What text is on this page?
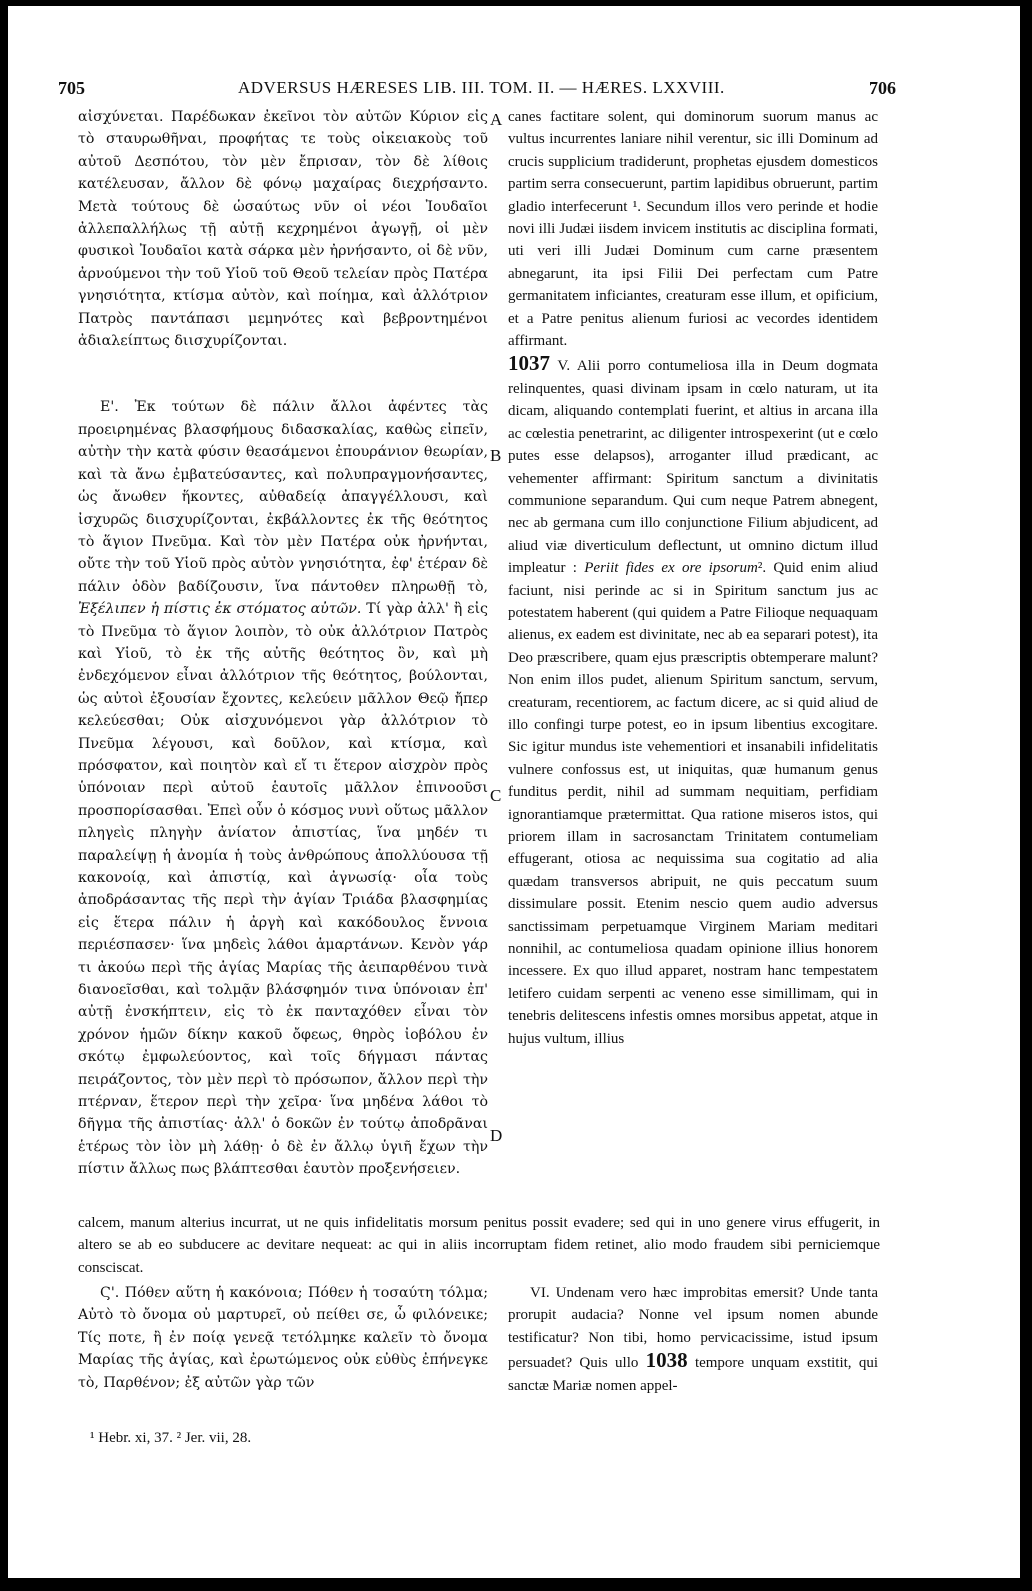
705	ADVERSUS HÆRESES LIB. III. TOM. II. — HÆRES. LXXVIII.	706

αἰσχύνεται. Παρέδωκαν ἐκεῖνοι τὸν αὐτῶν Κύριον εἰς τὸ σταυρωθῆναι, προφήτας τε τοὺς οἰκειακοὺς τοῦ αὐτοῦ Δεσπότου, τὸν μὲν ἔπρισαν, τὸν δὲ λίθοις κατέλευσαν, ἄλλον δὲ φόνῳ μαχαίρας διεχρήσαντο. Μετὰ τούτους δὲ ὡσαύτως νῦν οἱ νέοι Ἰουδαῖοι ἀλλεπαλλήλως τῇ αὐτῇ κεχρημένοι ἀγωγῇ, οἱ μὲν φυσικοὶ Ἰουδαῖοι κατὰ σάρκα μὲν ἠρνήσαντο, οἱ δὲ νῦν, ἀρνούμενοι τὴν τοῦ Υἱοῦ τοῦ Θεοῦ τελείαν πρὸς Πατέρα γνησιότητα, κτίσμα αὐτὸν, καὶ ποίημα, καὶ ἀλλότριον Πατρὸς παντάπασι μεμηνότες καὶ βεβροντημένοι ἀδιαλείπτως διισχυρίζονται.

Ε'. Ἐκ τούτων δὲ πάλιν ἄλλοι ἀφέντες τὰς προειρημένας βλασφήμους διδασκαλίας, καθὼς εἰπεῖν, αὐτὴν τὴν κατὰ φύσιν θεασάμενοι ἐπουράνιον θεωρίαν, καὶ τὰ ἄνω ἐμβατεύσαντες, καὶ πολυπραγμονήσαντες, ὡς ἄνωθεν ἥκοντες, αὐθαδείᾳ ἀπαγγέλλουσι, καὶ ἰσχυρῶς διισχυρίζονται, ἐκβάλλοντες ἐκ τῆς θεότητος τὸ ἅγιον Πνεῦμα. Καὶ τὸν μὲν Πατέρα οὐκ ἠρνήνται, οὔτε τὴν τοῦ Υἱοῦ πρὸς αὐτὸν γνησιότητα, ἐφ' ἑτέραν δὲ πάλιν ὁδὸν βαδίζουσιν, ἵνα πάντοθεν πληρωθῇ τὸ, Ἐξέλιπεν ἡ πίστις ἐκ στόματος αὐτῶν. Τί γὰρ ἀλλ' ἢ εἰς τὸ Πνεῦμα τὸ ἅγιον λοιπὸν, τὸ οὐκ ἀλλότριον Πατρὸς καὶ Υἱοῦ, τὸ ἐκ τῆς αὐτῆς θεότητος ὂν, καὶ μὴ ἐνδεχόμενον εἶναι ἀλλότριον τῆς θεότητος, βούλονται, ὡς αὐτοὶ ἐξουσίαν ἔχοντες, κελεύειν μᾶλλον Θεῷ ἤπερ κελεύεσθαι; Οὐκ αἰσχυνόμενοι γὰρ ἀλλότριον τὸ Πνεῦμα λέγουσι, καὶ δοῦλον, καὶ κτίσμα, καὶ πρόσφατον, καὶ ποιητὸν καὶ εἴ τι ἕτερον αἰσχρὸν πρὸς ὑπόνοιαν περὶ αὐτοῦ ἑαυτοῖς μᾶλλον ἐπινοοῦσι προσπορίσασθαι. Ἐπεὶ οὖν ὁ κόσμος νυνὶ οὕτως μᾶλλον πληγεὶς πληγὴν ἀνίατον ἀπιστίας, ἵνα μηδέν τι παραλείψῃ ἡ ἀνομία ἡ τοὺς ἀνθρώπους ἀπολλύουσα τῇ κακονοίᾳ, καὶ ἀπιστίᾳ, καὶ ἀγνωσίᾳ· οἷα τοὺς ἀποδράσαντας τῆς περὶ τὴν ἁγίαν Τριάδα βλασφημίας εἰς ἕτερα πάλιν ἡ ἀργὴ καὶ κακόδουλος ἔννοια περιέσπασεν· ἵνα μηδεὶς λάθοι ἁμαρτάνων. Κενὸν γάρ τι ἀκούω περὶ τῆς ἁγίας Μαρίας τῆς ἀειπαρθένου τινὰ διανοεῖσθαι, καὶ τολμᾷν βλάσφημόν τινα ὑπόνοιαν ἐπ' αὐτῇ ἐνσκήπτειν, εἰς τὸ ἐκ πανταχόθεν εἶναι τὸν χρόνον ἡμῶν δίκην κακοῦ ὄφεως, θηρὸς ἰοβόλου ἐν σκότῳ ἐμφωλεύοντος, καὶ τοῖς δήγμασι πάντας πειράζοντος, τὸν μὲν περὶ τὸ πρόσωπον, ἄλλον περὶ τὴν πτέρναν, ἕτερον περὶ τὴν χεῖρα· ἵνα μηδένα λάθοι τὸ δῆγμα τῆς ἀπιστίας· ἀλλ' ὁ δοκῶν ἐν τούτῳ ἀποδρᾶναι ἑτέρως τὸν ἰὸν μὴ λάθῃ· ὁ δὲ ἐν ἄλλῳ ὑγιῆ ἔχων τὴν πίστιν ἄλλως πως βλάπτεσθαι ἑαυτὸν προξενήσειεν.

canes factitare solent, qui dominorum suorum manus ac vultus incurrentes laniare nihil verentur, sic illi Dominum ad crucis supplicium tradiderunt, prophetas ejusdem domesticos partim serra consecuerunt, partim lapidibus obruerunt, partim gladio interfecerunt ¹. Secundum illos vero perinde et hodie novi illi Judæi iisdem invicem institutis ac disciplina formati, uti veri illi Judæi Dominum cum carne præsentem abnegarunt, ita ipsi Filii Dei perfectam cum Patre germanitatem inficiantes, creaturam esse illum, et opificium, et a Patre penitus alienum furiosi ac vecordes identidem affirmant.

1037 V. Alii porro contumeliosa illa in Deum dogmata relinquentes, quasi divinam ipsam in cœlo naturam, ut ita dicam, aliquando contemplati fuerint, et altius in arcana illa ac cœlestia penetrarint, ac diligenter introspexerint (ut e cœlo putes esse delapsos), arroganter illud prædicant, ac vehementer affirmant: Spiritum sanctum a divinitatis communione separandum. Qui cum neque Patrem abnegent, nec ab germana cum illo conjunctione Filium abjudicent, ad aliud viæ diverticulum deflectunt, ut omnino dictum illud impleatur : Periit fides ex ore ipsorum². Quid enim aliud faciunt, nisi perinde ac si in Spiritum sanctum jus ac potestatem haberent (qui quidem a Patre Filioque nequaquam alienus, ex eadem est divinitate, nec ab ea separari potest), ita Deo præscribere, quam ejus præscriptis obtemperare malunt? Non enim illos pudet, alienum Spiritum sanctum, servum, creaturam, recentiorem, ac factum dicere, ac si quid aliud de illo confingi turpe potest, eo in ipsum libentius excogitare. Sic igitur mundus iste vehementiori et insanabili infidelitatis vulnere confossus est, ut iniquitas, quæ humanum genus funditus perdit, nihil ad summam nequitiam, perfidiam ignorantiamque prætermittat. Qua ratione miseros istos, qui priorem illam in sacrosanctam Trinitatem contumeliam effugerant, otiosa ac nequissima sua cogitatio ad alia quædam transversos abripuit, ne quis peccatum suum dissimulare possit. Etenim nescio quem audio adversus sanctissimam perpetuamque Virginem Mariam meditari nonnihil, ac contumeliosa quadam opinione illius honorem incessere. Ex quo illud apparet, nostram hanc tempestatem letifero cuidam serpenti ac veneno esse simillimam, qui in tenebris delitescens infestis omnes morsibus appetat, atque in hujus vultum, illius

A
B
C
D

calcem, manum alterius incurrat, ut ne quis infidelitatis morsum penitus possit evadere; sed qui in uno genere virus effugerit, in altero se ab eo subducere ac devitare nequeat: ac qui in aliis incorruptam fidem retinet, alio modo fraudem sibi perniciemque consciscat.

Ϛ'. Πόθεν αὕτη ἡ κακόνοια; Πόθεν ἡ τοσαύτη τόλμα; Αὐτὸ τὸ ὄνομα οὐ μαρτυρεῖ, οὐ πείθει σε, ὦ φιλόνεικε; Τίς ποτε, ἢ ἐν ποίᾳ γενεᾷ τετόλμηκε καλεῖν τὸ ὄνομα Μαρίας τῆς ἁγίας, καὶ ἐρωτώμενος οὐκ εὐθὺς ἐπήνεγκε τὸ, Παρθένον; ἐξ αὐτῶν γὰρ τῶν

VI. Undenam vero hæc improbitas emersit? Unde tanta prorupit audacia? Nonne vel ipsum nomen abunde testificatur? Non tibi, homo pervicacissime, istud ipsum persuadet? Quis ullo 1038 tempore unquam exstitit, qui sanctæ Mariæ nomen appel-

¹ Hebr. xi, 37. ² Jer. vii, 28.
